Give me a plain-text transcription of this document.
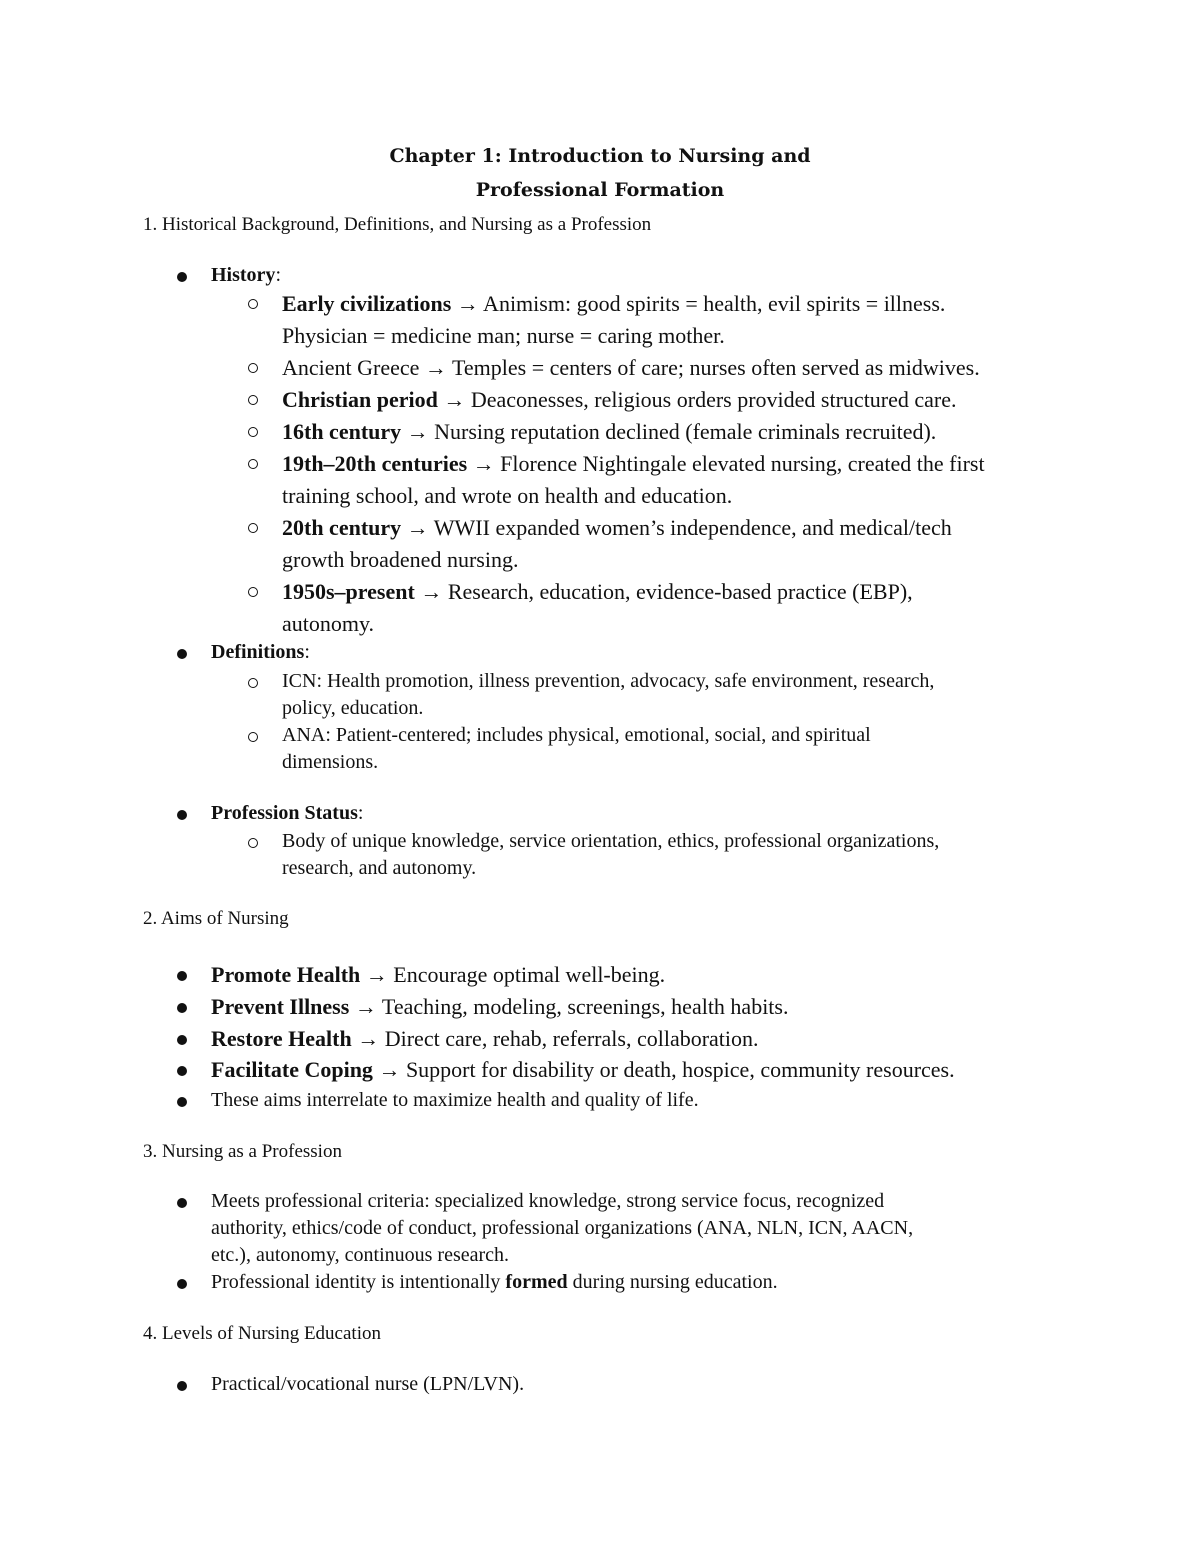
Chapter 1: Introduction to Nursing and
Professional Formation
1. Historical Background, Definitions, and Nursing as a Profession
History:
Early civilizations → Animism: good spirits = health, evil spirits = illness.
Physician = medicine man; nurse = caring mother.
Ancient Greece → Temples = centers of care; nurses often served as midwives.
Christian period → Deaconesses, religious orders provided structured care.
16th century → Nursing reputation declined (female criminals recruited).
19th–20th centuries → Florence Nightingale elevated nursing, created the first
training school, and wrote on health and education.
20th century → WWII expanded women’s independence, and medical/tech
growth broadened nursing.
1950s–present → Research, education, evidence-based practice (EBP),
autonomy.
Definitions:
ICN: Health promotion, illness prevention, advocacy, safe environment, research,
policy, education.
ANA: Patient-centered; includes physical, emotional, social, and spiritual
dimensions.
Profession Status:
Body of unique knowledge, service orientation, ethics, professional organizations,
research, and autonomy.
2. Aims of Nursing
Promote Health → Encourage optimal well-being.
Prevent Illness → Teaching, modeling, screenings, health habits.
Restore Health → Direct care, rehab, referrals, collaboration.
Facilitate Coping → Support for disability or death, hospice, community resources.
These aims interrelate to maximize health and quality of life.
3. Nursing as a Profession
Meets professional criteria: specialized knowledge, strong service focus, recognized
authority, ethics/code of conduct, professional organizations (ANA, NLN, ICN, AACN,
etc.), autonomy, continuous research.
Professional identity is intentionally formed during nursing education.
4. Levels of Nursing Education
Practical/vocational nurse (LPN/LVN).
